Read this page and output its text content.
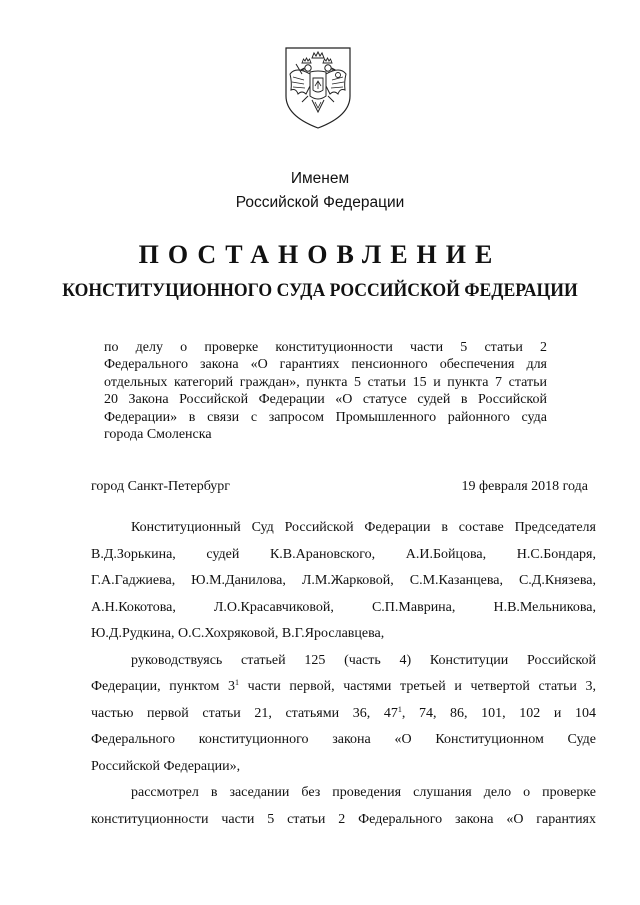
Именем
Российской Федерации
ПОСТАНОВЛЕНИЕ
КОНСТИТУЦИОННОГО СУДА РОССИЙСКОЙ ФЕДЕРАЦИИ
по делу о проверке конституционности части 5 статьи 2
Федерального закона «О гарантиях пенсионного обеспечения для
отдельных категорий граждан», пункта 5 статьи 15 и пункта 7 статьи
20 Закона Российской Федерации «О статусе судей в Российской
Федерации» в связи с запросом Промышленного районного суда
города Смоленска
город Санкт-Петербург	19 февраля 2018 года
Конституционный Суд Российской Федерации в составе Председателя
В.Д.Зорькина, судей К.В.Арановского, А.И.Бойцова, Н.С.Бондаря,
Г.А.Гаджиева, Ю.М.Данилова, Л.М.Жарковой, С.М.Казанцева, С.Д.Князева,
А.Н.Кокотова, Л.О.Красавчиковой, С.П.Маврина, Н.В.Мельникова,
Ю.Д.Рудкина, О.С.Хохряковой, В.Г.Ярославцева,
руководствуясь статьей 125 (часть 4) Конституции Российской
Федерации, пунктом $3^1$ части первой, частями третьей и четвертой статьи 3,
частью первой статьи 21, статьями 36, $47^1$, 74, 86, 101, 102 и 104
Федерального конституционного закона «О Конституционном Суде
Российской Федерации»,
рассмотрел в заседании без проведения слушания дело о проверке
конституционности части 5 статьи 2 Федерального закона «О гарантиях
